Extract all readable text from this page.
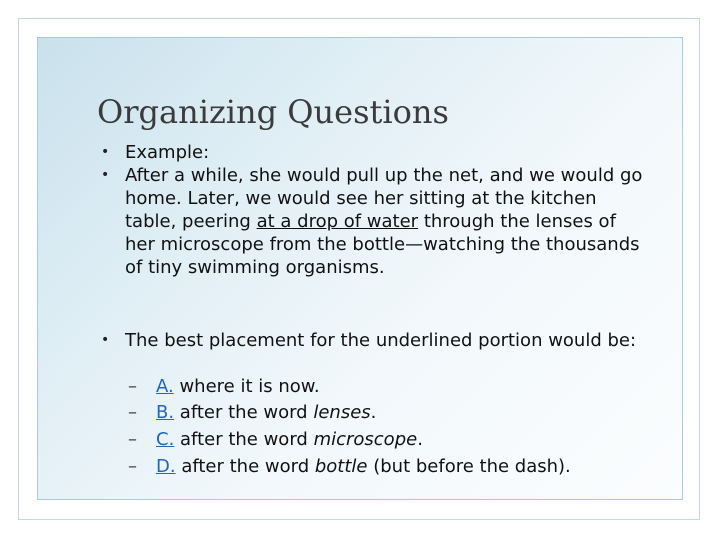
Organizing Questions
• Example:
• After a while, she would pull up the net, and we would go home. Later, we would see her sitting at the kitchen table, peering at a drop of water through the lenses of her microscope from the bottle—watching the thousands of tiny swimming organisms.
• The best placement for the underlined portion would be:
– A. where it is now.
– B. after the word lenses.
– C. after the word microscope.
– D. after the word bottle (but before the dash).
